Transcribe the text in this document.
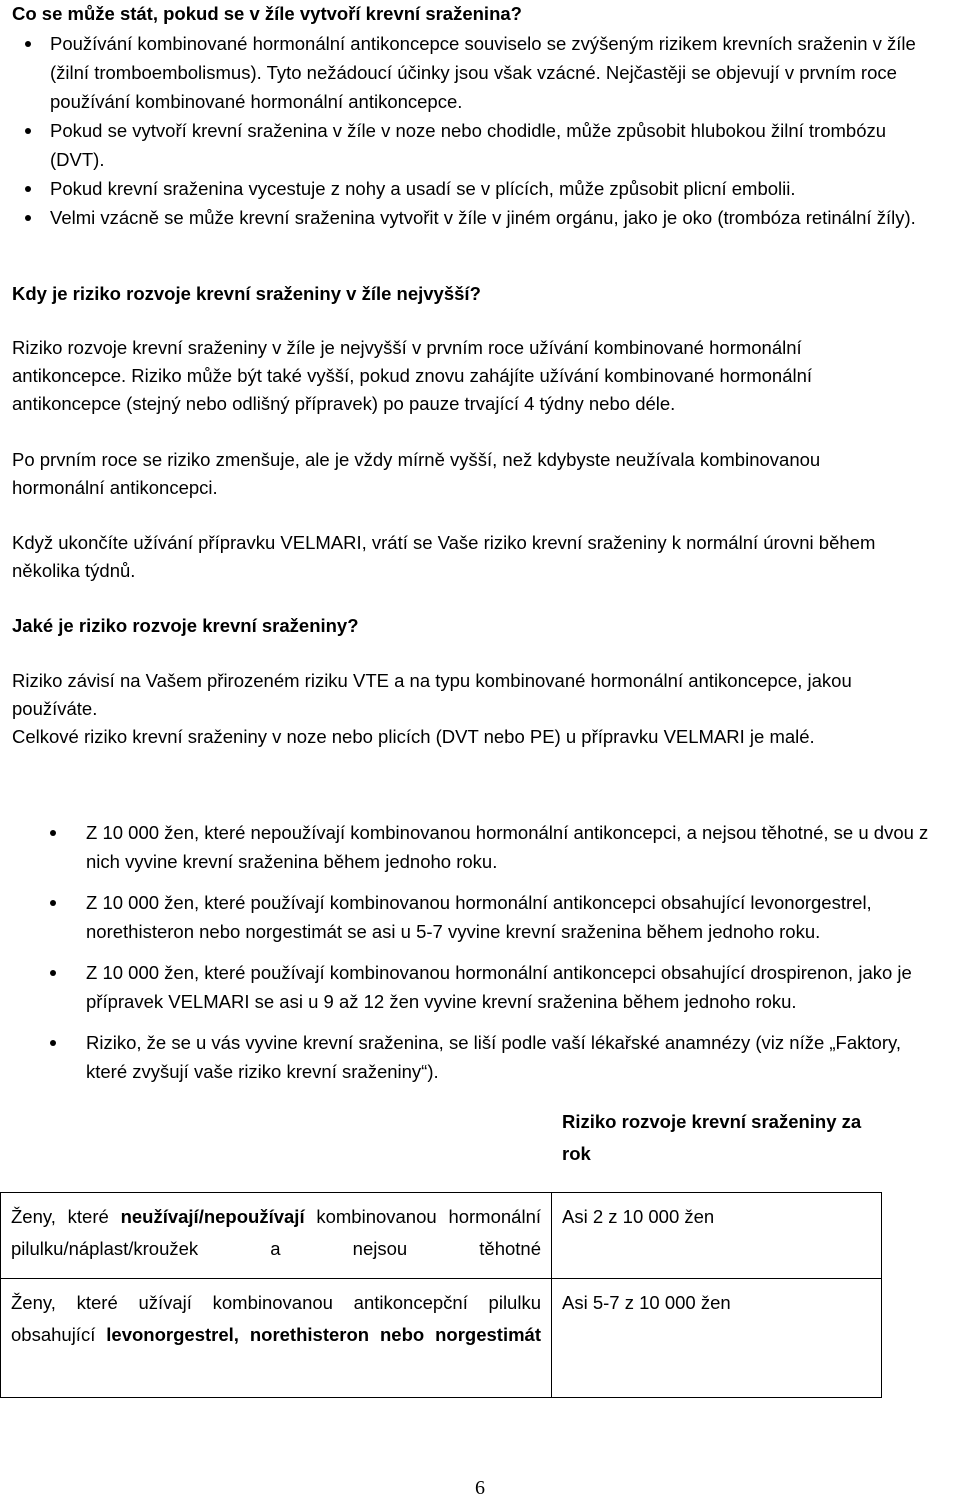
Co se může stát, pokud se v žíle vytvoří krevní sraženina?
Používání kombinované hormonální antikoncepce souviselo se zvýšeným rizikem krevních sraženin v žíle (žilní tromboembolismus). Tyto nežádoucí účinky jsou však vzácné. Nejčastěji se objevují v prvním roce používání kombinované hormonální antikoncepce.
Pokud se vytvoří krevní sraženina v žíle v noze nebo chodidle, může způsobit hlubokou žilní trombózu (DVT).
Pokud krevní sraženina vycestuje z nohy a usadí se v plících, může způsobit plicní embolii.
Velmi vzácně se může krevní sraženina vytvořit v žíle v jiném orgánu, jako je oko (trombóza retinální žíly).
Kdy je riziko rozvoje krevní sraženiny v žíle nejvyšší?
Riziko rozvoje krevní sraženiny v žíle je nejvyšší v prvním roce užívání kombinované hormonální antikoncepce. Riziko může být také vyšší, pokud znovu zahájíte užívání kombinované hormonální antikoncepce (stejný nebo odlišný přípravek) po pauze trvající 4 týdny nebo déle.
Po prvním roce se riziko zmenšuje, ale je vždy mírně vyšší, než kdybyste neužívala kombinovanou hormonální antikoncepci.
Když ukončíte užívání přípravku VELMARI, vrátí se Vaše riziko krevní sraženiny k normální úrovni během několika týdnů.
Jaké je riziko rozvoje krevní sraženiny?
Riziko závisí na Vašem přirozeném riziku VTE a na typu kombinované hormonální antikoncepce, jakou používáte.
Celkové riziko krevní sraženiny v noze nebo plicích (DVT nebo PE) u přípravku VELMARI je malé.
Z 10 000 žen, které nepoužívají kombinovanou hormonální antikoncepci, a nejsou těhotné, se u dvou z nich vyvine krevní sraženina během jednoho roku.
Z 10 000 žen, které používají kombinovanou hormonální antikoncepci obsahující levonorgestrel, norethisteron nebo norgestimát se asi u 5-7 vyvine krevní sraženina během jednoho roku.
Z 10 000 žen, které používají kombinovanou hormonální antikoncepci obsahující drospirenon, jako je přípravek VELMARI se asi u 9 až 12 žen vyvine krevní sraženina během jednoho roku.
Riziko, že se u vás vyvine krevní sraženina, se liší podle vaší lékařské anamnézy (viz níže „Faktory, které zvyšují vaše riziko krevní sraženiny“).
Riziko rozvoje krevní sraženiny za rok
Ženy, které neužívají/nepoužívají kombinovanou hormonální pilulku/náplast/kroužek a nejsou těhotné
Asi 2 z 10 000 žen
Ženy, které užívají kombinovanou antikoncepční pilulku obsahující levonorgestrel, norethisteron nebo norgestimát
Asi 5-7 z 10 000 žen
6
